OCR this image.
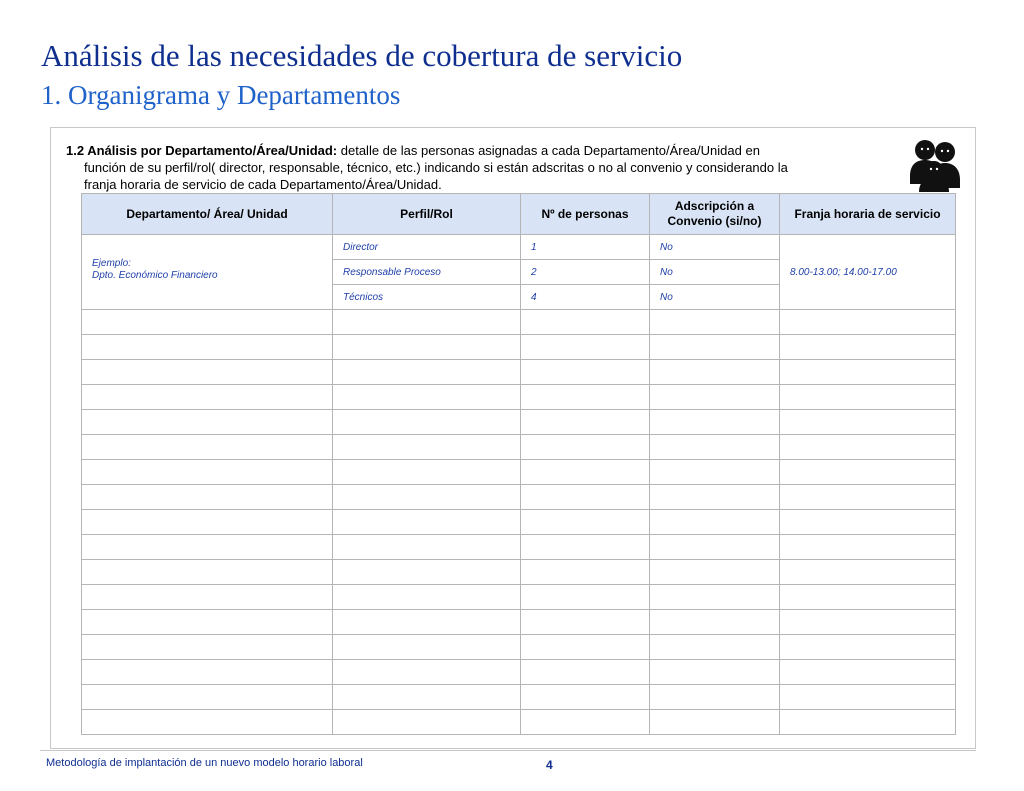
Análisis de las necesidades de cobertura de servicio
1. Organigrama y Departamentos
1.2 Análisis por Departamento/Área/Unidad: detalle de las personas asignadas a cada Departamento/Área/Unidad en
función de su perfil/rol( director, responsable, técnico, etc.) indicando si están adscritas o no al convenio y considerando la
franja horaria de servicio de cada Departamento/Área/Unidad.
Departamento/ Área/ Unidad	Perfil/Rol	Nº de personas	Adscripción a Convenio (si/no)	Franja horaria de servicio

Ejemplo:
Dpto. Económico Financiero	Director	1	No	8.00-13.00; 14.00-17.00
	Responsable Proceso	2	No	
	Técnicos	4	No	

Metodología de implantación de un nuevo modelo horario laboral	4
